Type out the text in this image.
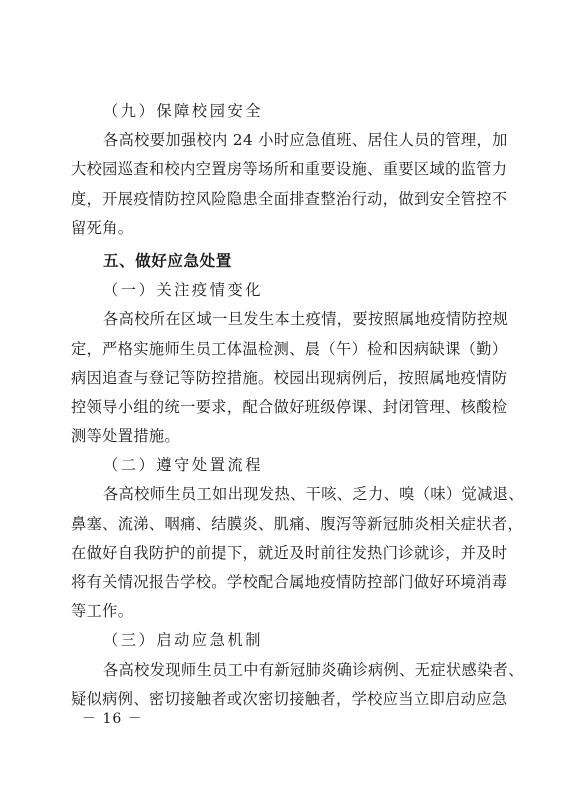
（九）保障校园安全
各高校要加强校内 24 小时应急值班、居住人员的管理，加
大校园巡查和校内空置房等场所和重要设施、重要区域的监管力
度，开展疫情防控风险隐患全面排查整治行动，做到安全管控不
留死角。
五、做好应急处置
（一）关注疫情变化
各高校所在区域一旦发生本土疫情，要按照属地疫情防控规
定，严格实施师生员工体温检测、晨（午）检和因病缺课（勤）
病因追查与登记等防控措施。校园出现病例后，按照属地疫情防
控领导小组的统一要求，配合做好班级停课、封闭管理、核酸检
测等处置措施。
（二）遵守处置流程
各高校师生员工如出现发热、干咳、乏力、嗅（味）觉减退、
鼻塞、流涕、咽痛、结膜炎、肌痛、腹泻等新冠肺炎相关症状者，
在做好自我防护的前提下，就近及时前往发热门诊就诊，并及时
将有关情况报告学校。学校配合属地疫情防控部门做好环境消毒
等工作。
（三）启动应急机制
各高校发现师生员工中有新冠肺炎确诊病例、无症状感染者、
疑似病例、密切接触者或次密切接触者，学校应当立即启动应急
－ 16 －
